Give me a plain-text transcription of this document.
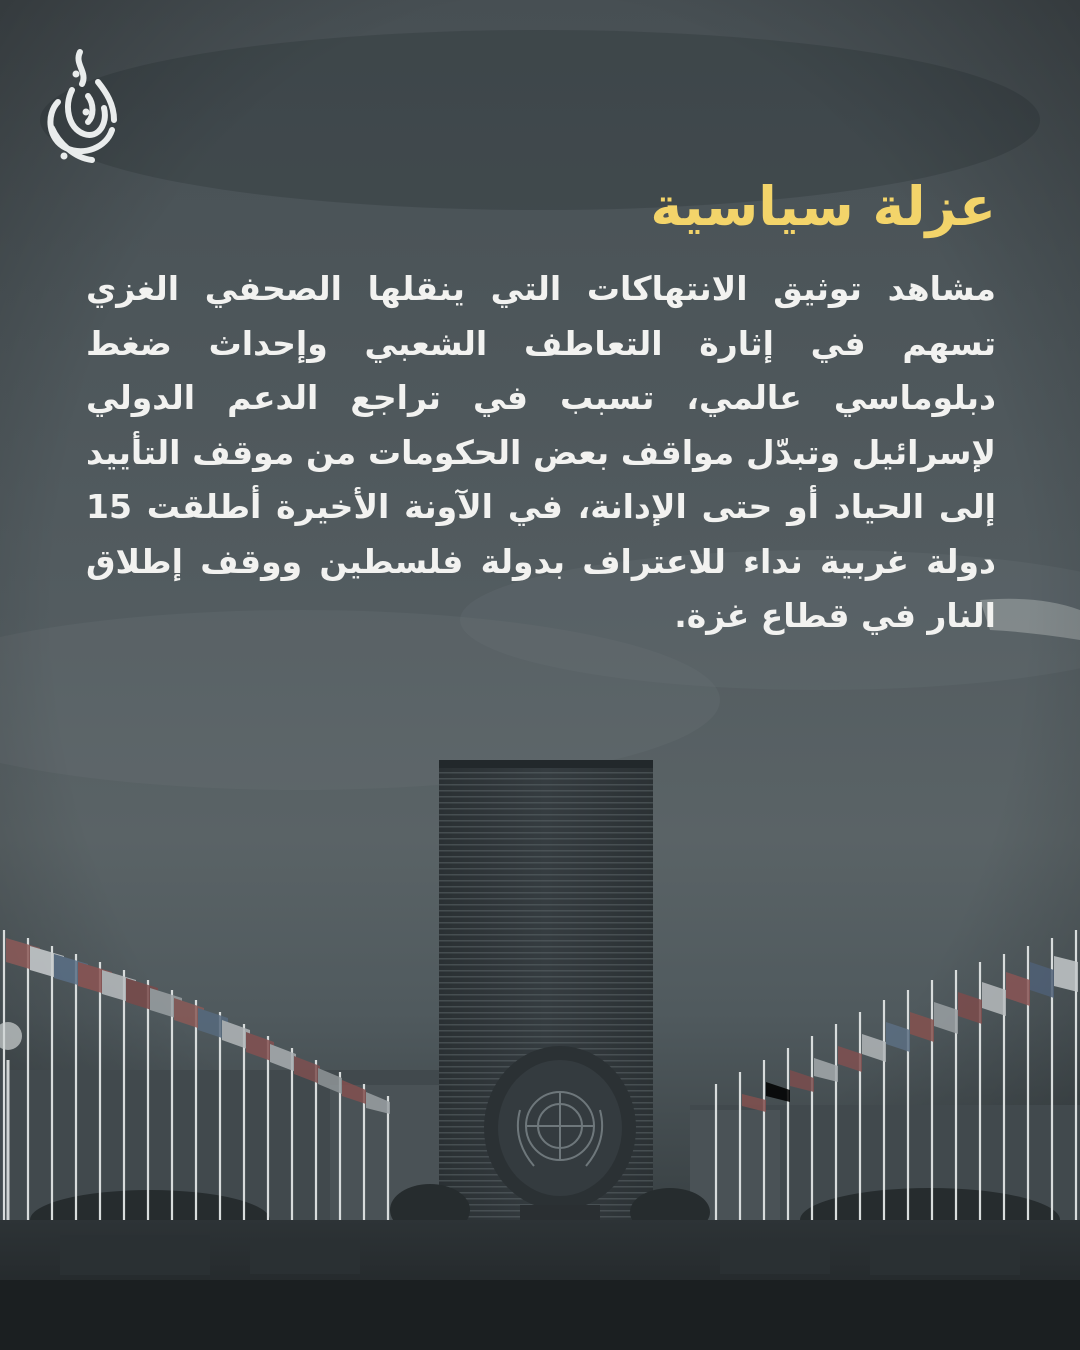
عزلة سياسية

مشاهد توثيق الانتهاكات التي ينقلها الصحفي الغزي تسهم في إثارة التعاطف الشعبي وإحداث ضغط دبلوماسي عالمي، تسبب في تراجع الدعم الدولي لإسرائيل وتبدّل مواقف بعض الحكومات من موقف التأييد إلى الحياد أو حتى الإدانة، في الآونة الأخيرة أطلقت 15 دولة غربية نداء للاعتراف بدولة فلسطين ووقف إطلاق النار في قطاع غزة.
